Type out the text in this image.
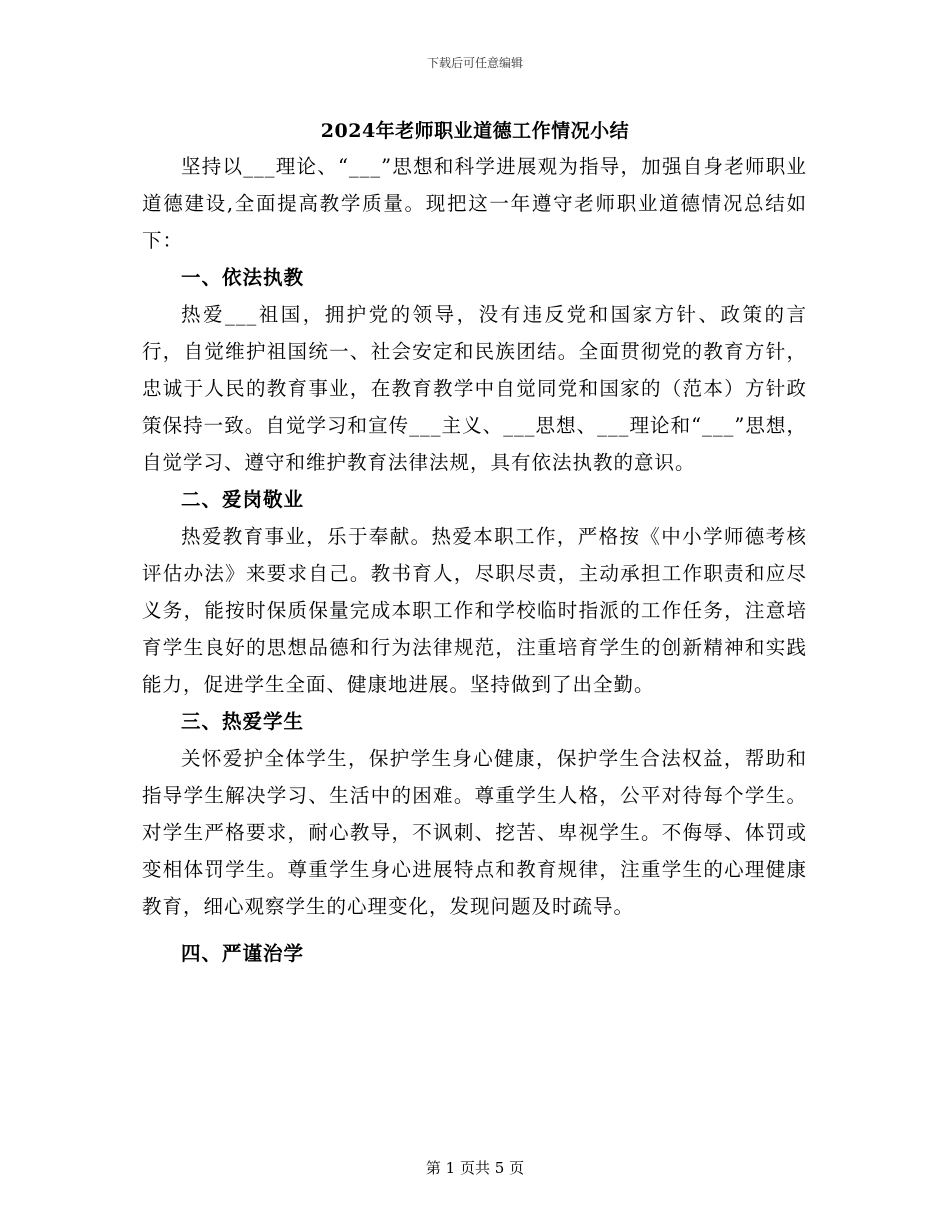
下载后可任意编辑
2024年老师职业道德工作情况小结

坚持以___理论、“___”思想和科学进展观为指导，加强自身老师职业道德建设,全面提高教学质量。现把这一年遵守老师职业道德情况总结如下：

一、依法执教

热爱___祖国，拥护党的领导，没有违反党和国家方针、政策的言行，自觉维护祖国统一、社会安定和民族团结。全面贯彻党的教育方针，忠诚于人民的教育事业，在教育教学中自觉同党和国家的（范本）方针政策保持一致。自觉学习和宣传___主义、___思想、___理论和“___”思想，自觉学习、遵守和维护教育法律法规，具有依法执教的意识。

二、爱岗敬业

热爱教育事业，乐于奉献。热爱本职工作，严格按《中小学师德考核评估办法》来要求自己。教书育人，尽职尽责，主动承担工作职责和应尽义务，能按时保质保量完成本职工作和学校临时指派的工作任务，注意培育学生良好的思想品德和行为法律规范，注重培育学生的创新精神和实践能力，促进学生全面、健康地进展。坚持做到了出全勤。

三、热爱学生

关怀爱护全体学生，保护学生身心健康，保护学生合法权益，帮助和指导学生解决学习、生活中的困难。尊重学生人格，公平对待每个学生。对学生严格要求，耐心教导，不讽刺、挖苦、卑视学生。不侮辱、体罚或变相体罚学生。尊重学生身心进展特点和教育规律，注重学生的心理健康教育，细心观察学生的心理变化，发现问题及时疏导。

四、严谨治学

第 1 页共 5 页
